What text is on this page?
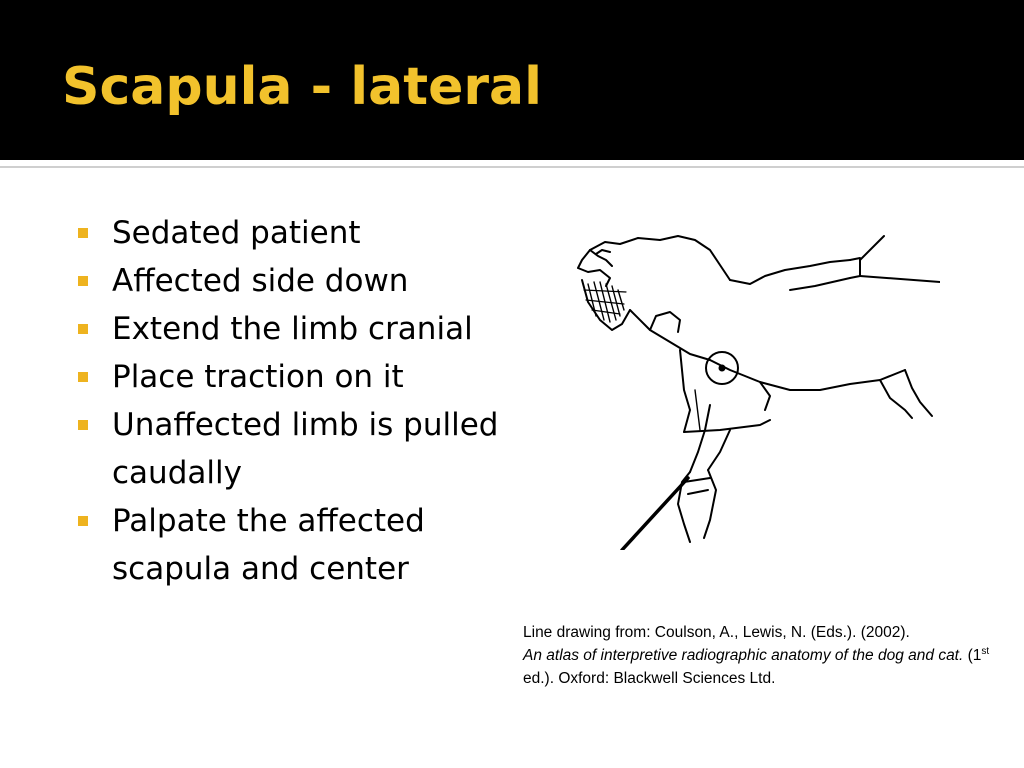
Scapula - lateral
Sedated patient
Affected side down
Extend the limb cranial
Place traction on it
Unaffected limb is pulled caudally
Palpate the affected scapula and center

Line drawing from: Coulson, A., Lewis, N. (Eds.). (2002).
An atlas of interpretive radiographic anatomy of the dog and cat. (1st ed.). Oxford: Blackwell Sciences Ltd.
